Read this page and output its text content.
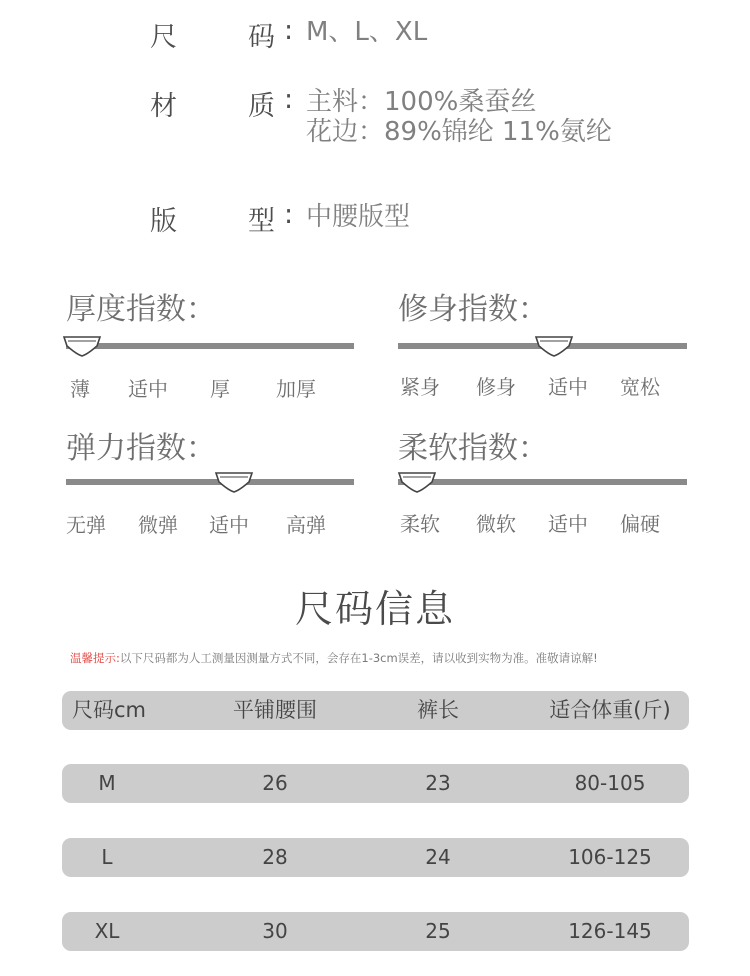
尺	码 : M、L、XL
材	质 : 主料：100%桑蚕丝
花边：89%锦纶 11%氨纶
版	型 : 中腰版型
厚度指数：
薄 适中 厚 加厚
修身指数：
紧身 修身 适中 宽松
弹力指数：
无弹 微弹 适中 高弹
柔软指数：
柔软 微软 适中 偏硬
尺码信息
温馨提示:以下尺码都为人工测量因测量方式不同，会存在1-3cm误差，请以收到实物为准。准敬请谅解!
尺码cm	平铺腰围	裤长	适合体重(斤)
M	26	23	80-105
L	28	24	106-125
XL	30	25	126-145
